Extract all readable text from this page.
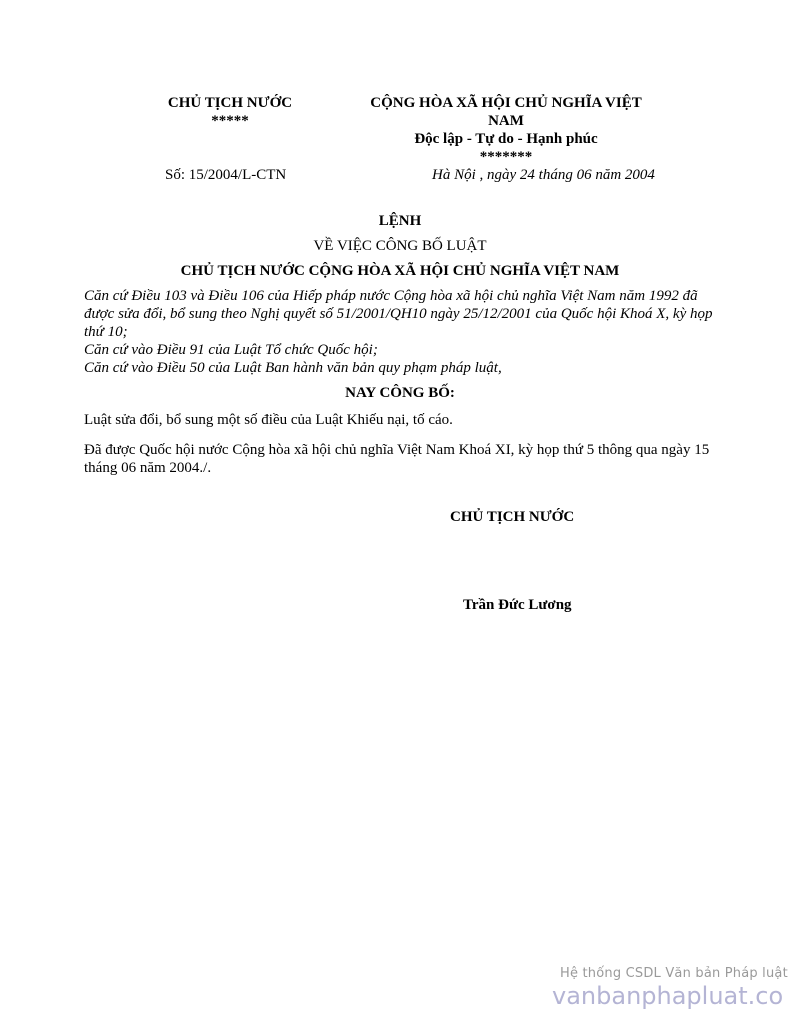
CHỦ TỊCH NƯỚC
*****
CỘNG HÒA XÃ HỘI CHỦ NGHĨA VIỆT
NAM
Độc lập - Tự do - Hạnh phúc
*******
Số: 15/2004/L-CTN	Hà Nội , ngày 24 tháng 06 năm 2004
LỆNH
VỀ VIỆC CÔNG BỐ LUẬT
CHỦ TỊCH NƯỚC CỘNG HÒA XÃ HỘI CHỦ NGHĨA VIỆT NAM
Căn cứ Điều 103 và Điều 106 của Hiếp pháp nước Cộng hòa xã hội chủ nghĩa Việt Nam năm 1992 đã được sửa đổi, bổ sung theo Nghị quyết số 51/2001/QH10 ngày 25/12/2001 của Quốc hội Khoá X, kỳ họp thứ 10;
Căn cứ vào Điều 91 của Luật Tổ chức Quốc hội;
Căn cứ vào Điều 50 của Luật Ban hành văn bản quy phạm pháp luật,
NAY CÔNG BỐ:
Luật sửa đổi, bổ sung một số điều của Luật Khiếu nại, tố cáo.
Đã được Quốc hội nước Cộng hòa xã hội chủ nghĩa Việt Nam Khoá XI, kỳ họp thứ 5 thông qua ngày 15 tháng 06 năm 2004./.
CHỦ TỊCH NƯỚC
Trần Đức Lương
Hệ thống CSDL Văn bản Pháp luật
vanbanphapluat.co
